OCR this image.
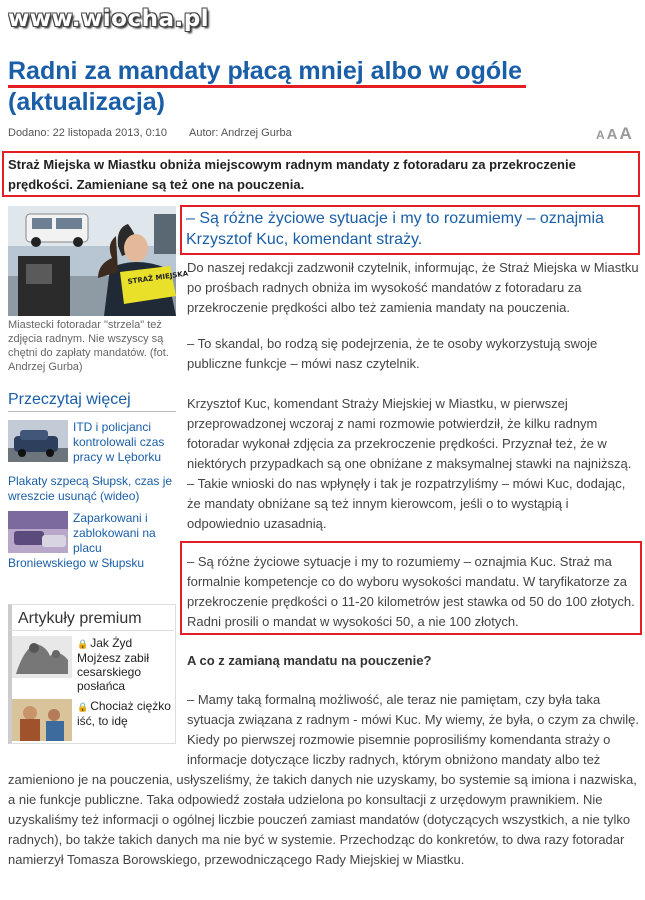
www.wiocha.pl
Radni za mandaty płacą mniej albo w ogóle (aktualizacja)
Dodano: 22 listopada 2013, 0:10 Autor: Andrzej Gurba	A A A

Straż Miejska w Miastku obniża miejscowym radnym mandaty z fotoradaru za przekroczenie prędkości. Zamieniane są też one na pouczenia.

STRAŻ MIEJSKA
Miastecki fotoradar "strzela" też zdjęcia radnym. Nie wszyscy są chętni do zapłaty mandatów. (fot. Andrzej Gurba)
Przeczytaj więcej
ITD i policjanci kontrolowali czas pracy w Lęborku
Plakaty szpecą Słupsk, czas je wreszcie usunąć (wideo)
Zaparkowani i zablokowani na placu
Broniewskiego w Słupsku
Artykuły premium
🔒 Jak Żyd Mojżesz zabił cesarskiego posłańca
🔒 Chociaż ciężko iść, to idę
– Są różne życiowe sytuacje i my to rozumiemy – oznajmia Krzysztof Kuc, komendant straży.

Do naszej redakcji zadzwonił czytelnik, informując, że Straż Miejska w Miastku po prośbach radnych obniża im wysokość mandatów z fotoradaru za przekroczenie prędkości albo też zamienia mandaty na pouczenia.

– To skandal, bo rodzą się podejrzenia, że te osoby wykorzystują swoje publiczne funkcje – mówi nasz czytelnik.

Krzysztof Kuc, komendant Straży Miejskiej w Miastku, w pierwszej przeprowadzonej wczoraj z nami rozmowie potwierdził, że kilku radnym fotoradar wykonał zdjęcia za przekroczenie prędkości. Przyznał też, że w niektórych przypadkach są one obniżane z maksymalnej stawki na najniższą. – Takie wnioski do nas wpłynęły i tak je rozpatrzyliśmy – mówi Kuc, dodając, że mandaty obniżane są też innym kierowcom, jeśli o to wystąpią i odpowiednio uzasadnią.

– Są różne życiowe sytuacje i my to rozumiemy – oznajmia Kuc. Straż ma formalnie kompetencje co do wyboru wysokości mandatu. W taryfikatorze za przekroczenie prędkości o 11-20 kilometrów jest stawka od 50 do 100 złotych. Radni prosili o mandat w wysokości 50, a nie 100 złotych.

A co z zamianą mandatu na pouczenie?

– Mamy taką formalną możliwość, ale teraz nie pamiętam, czy była taka sytuacja związana z radnym - mówi Kuc. My wiemy, że była, o czym za chwilę. Kiedy po pierwszej rozmowie pisemnie poprosiliśmy komendanta straży o informacje dotyczące liczby radnych, którym obniżono mandaty albo też

zamieniono je na pouczenia, usłyszeliśmy, że takich danych nie uzyskamy, bo systemie są imiona i nazwiska, a nie funkcje publiczne. Taka odpowiedź została udzielona po konsultacji z urzędowym prawnikiem. Nie uzyskaliśmy też informacji o ogólnej liczbie pouczeń zamiast mandatów (dotyczących wszystkich, a nie tylko radnych), bo także takich danych ma nie być w systemie. Przechodząc do konkretów, to dwa razy fotoradar namierzył Tomasza Borowskiego, przewodniczącego Rady Miejskiej w Miastku.
